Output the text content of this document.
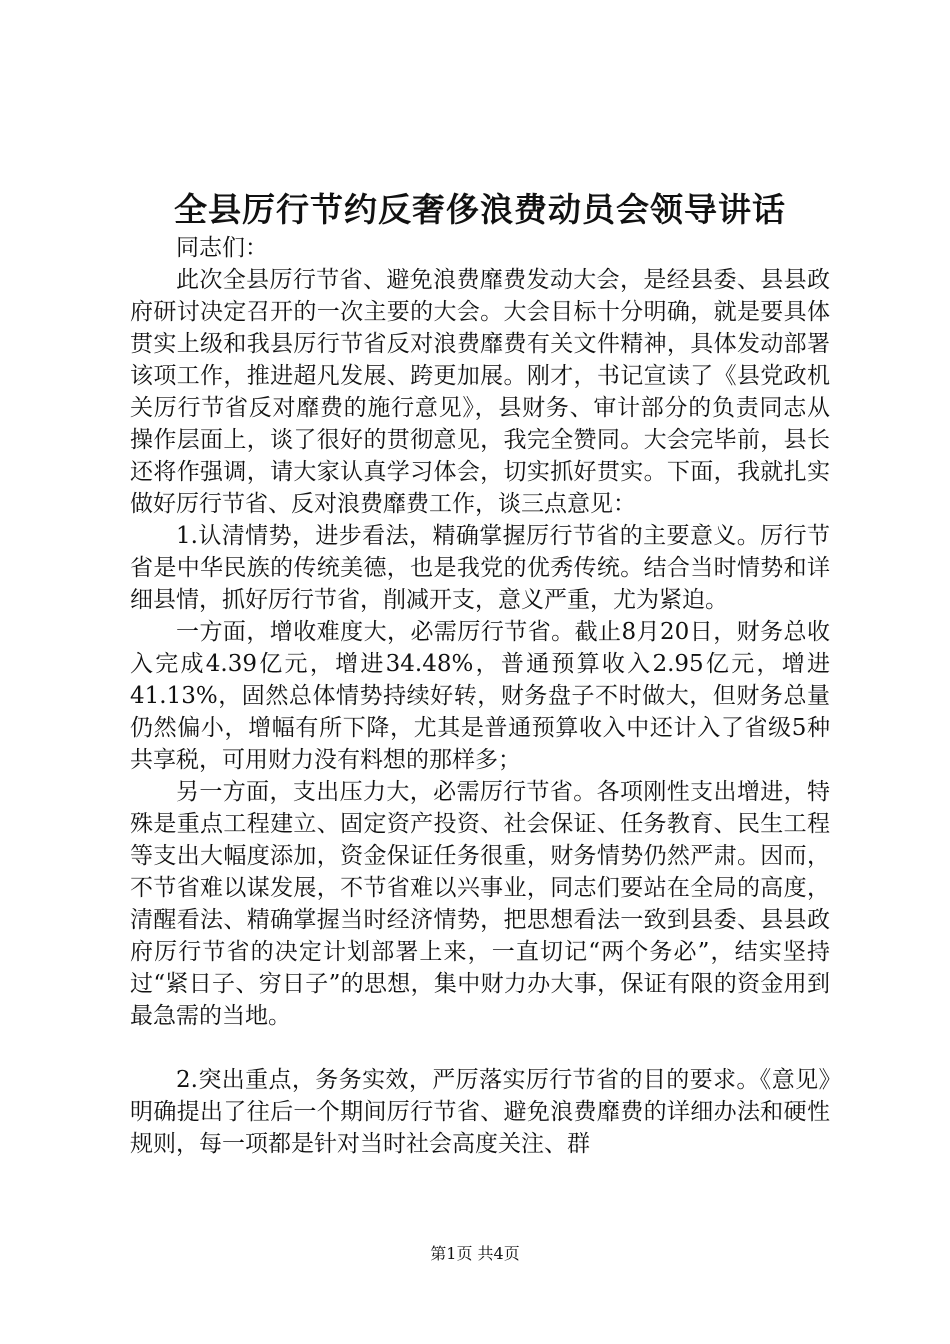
全县厉行节约反奢侈浪费动员会领导讲话

同志们：

此次全县厉行节省、避免浪费靡费发动大会，是经县委、县县政府研讨决定召开的一次主要的大会。大会目标十分明确，就是要具体贯实上级和我县厉行节省反对浪费靡费有关文件精神，具体发动部署该项工作，推进超凡发展、跨更加展。刚才，书记宣读了《县党政机关厉行节省反对靡费的施行意见》，县财务、审计部分的负责同志从操作层面上，谈了很好的贯彻意见，我完全赞同。大会完毕前，县长还将作强调，请大家认真学习体会，切实抓好贯实。下面，我就扎实做好厉行节省、反对浪费靡费工作，谈三点意见：

1.认清情势，进步看法，精确掌握厉行节省的主要意义。厉行节省是中华民族的传统美德，也是我党的优秀传统。结合当时情势和详细县情，抓好厉行节省，削减开支，意义严重，尤为紧迫。

一方面，增收难度大，必需厉行节省。截止8月20日，财务总收入完成4.39亿元，增进34.48%，普通预算收入2.95亿元，增进41.13%，固然总体情势持续好转，财务盘子不时做大，但财务总量仍然偏小，增幅有所下降，尤其是普通预算收入中还计入了省级5种共享税，可用财力没有料想的那样多；

另一方面，支出压力大，必需厉行节省。各项刚性支出增进，特殊是重点工程建立、固定资产投资、社会保证、任务教育、民生工程等支出大幅度添加，资金保证任务很重，财务情势仍然严肃。因而，不节省难以谋发展，不节省难以兴事业，同志们要站在全局的高度，清醒看法、精确掌握当时经济情势，把思想看法一致到县委、县县政府厉行节省的决定计划部署上来，一直切记“两个务必”，结实坚持过“紧日子、穷日子”的思想，集中财力办大事，保证有限的资金用到最急需的当地。

2.突出重点，务务实效，严厉落实厉行节省的目的要求。《意见》明确提出了往后一个期间厉行节省、避免浪费靡费的详细办法和硬性规则，每一项都是针对当时社会高度关注、群

第1页 共4页
